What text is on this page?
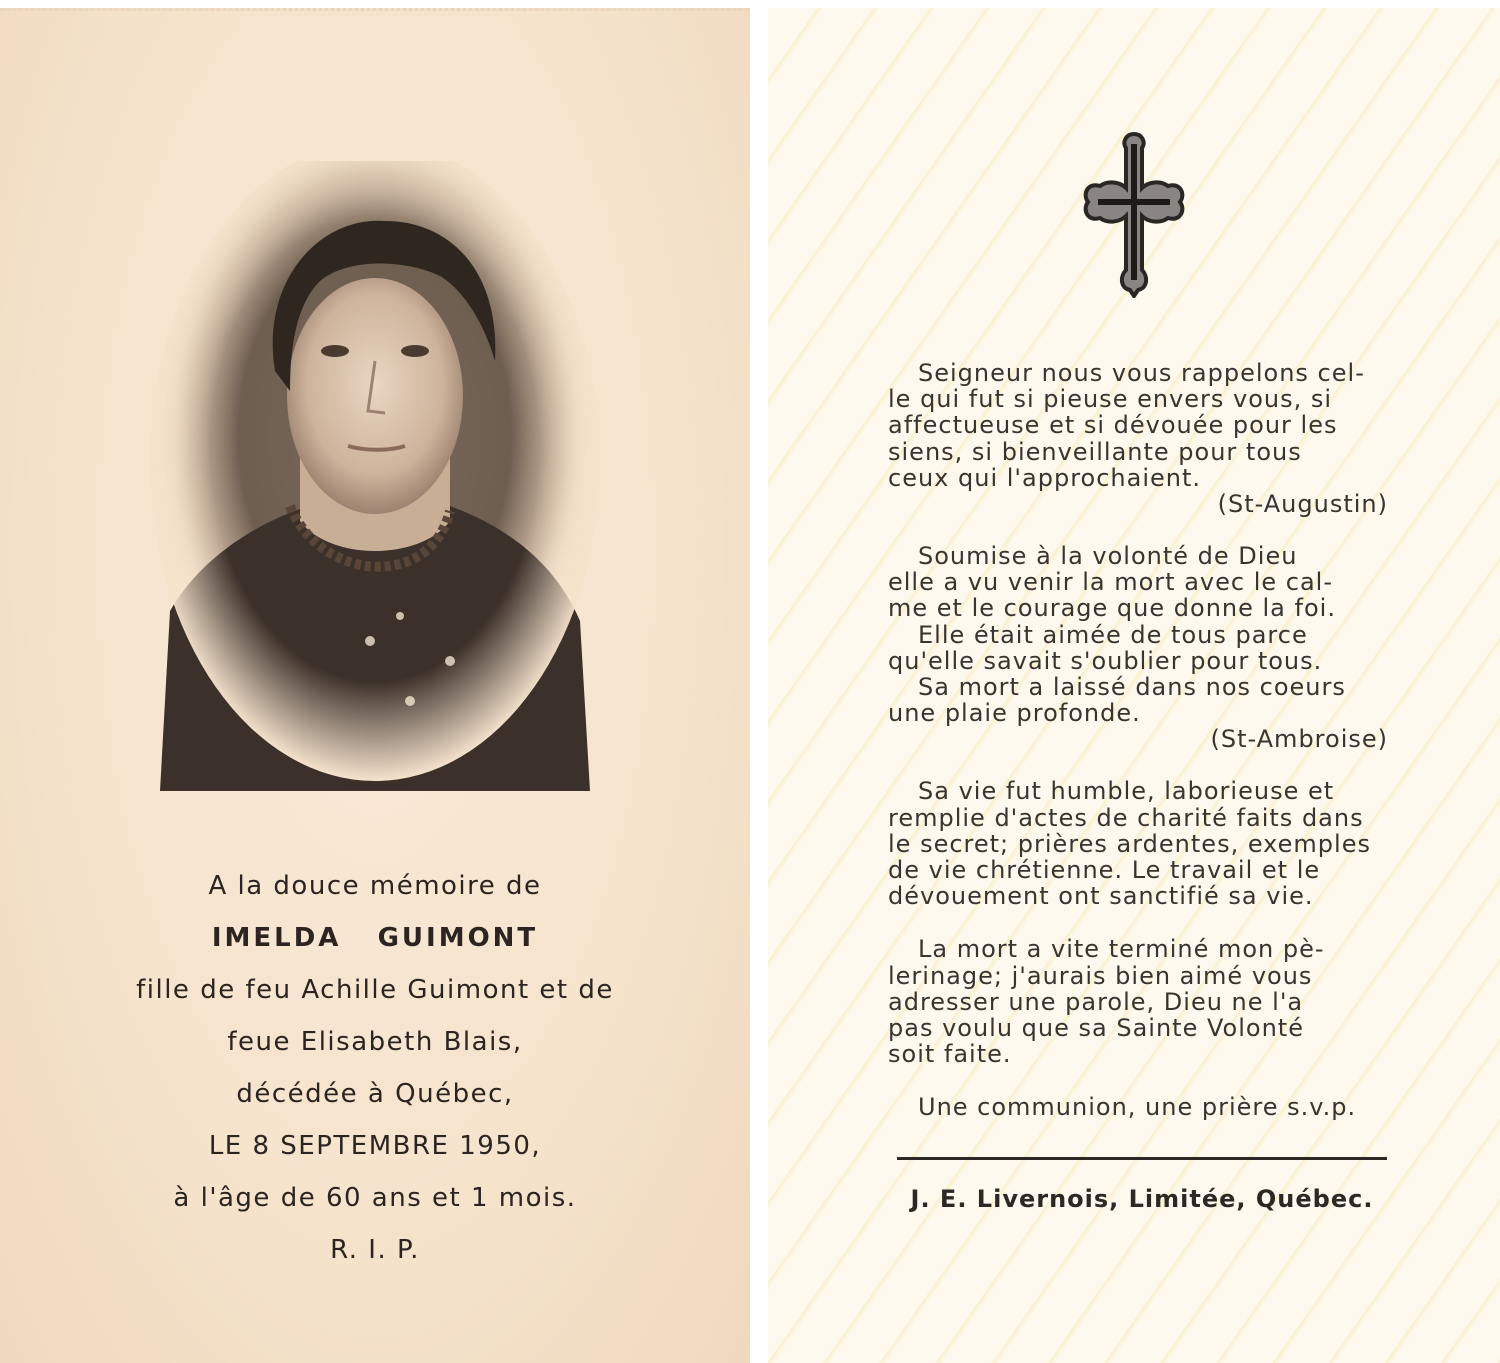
A la douce mémoire de
IMELDA   GUIMONT
fille de feu Achille Guimont et de
feue Elisabeth Blais,
décédée à Québec,
LE 8 SEPTEMBRE 1950,
à l'âge de 60 ans et 1 mois.
R. I. P.
Seigneur nous vous rappelons cel-
le qui fut si pieuse envers vous, si
affectueuse et si dévouée pour les
siens, si bienveillante pour tous
ceux qui l'approchaient.
(St-Augustin)
Soumise à la volonté de Dieu
elle a vu venir la mort avec le cal-
me et le courage que donne la foi.
Elle était aimée de tous parce
qu'elle savait s'oublier pour tous.
Sa mort a laissé dans nos coeurs
une plaie profonde.
(St-Ambroise)
Sa vie fut humble, laborieuse et
remplie d'actes de charité faits dans
le secret; prières ardentes, exemples
de vie chrétienne. Le travail et le
dévouement ont sanctifié sa vie.
La mort a vite terminé mon pè-
lerinage; j'aurais bien aimé vous
adresser une parole, Dieu ne l'a
pas voulu que sa Sainte Volonté
soit faite.
Une communion, une prière s.v.p.
J. E. Livernois, Limitée, Québec.
